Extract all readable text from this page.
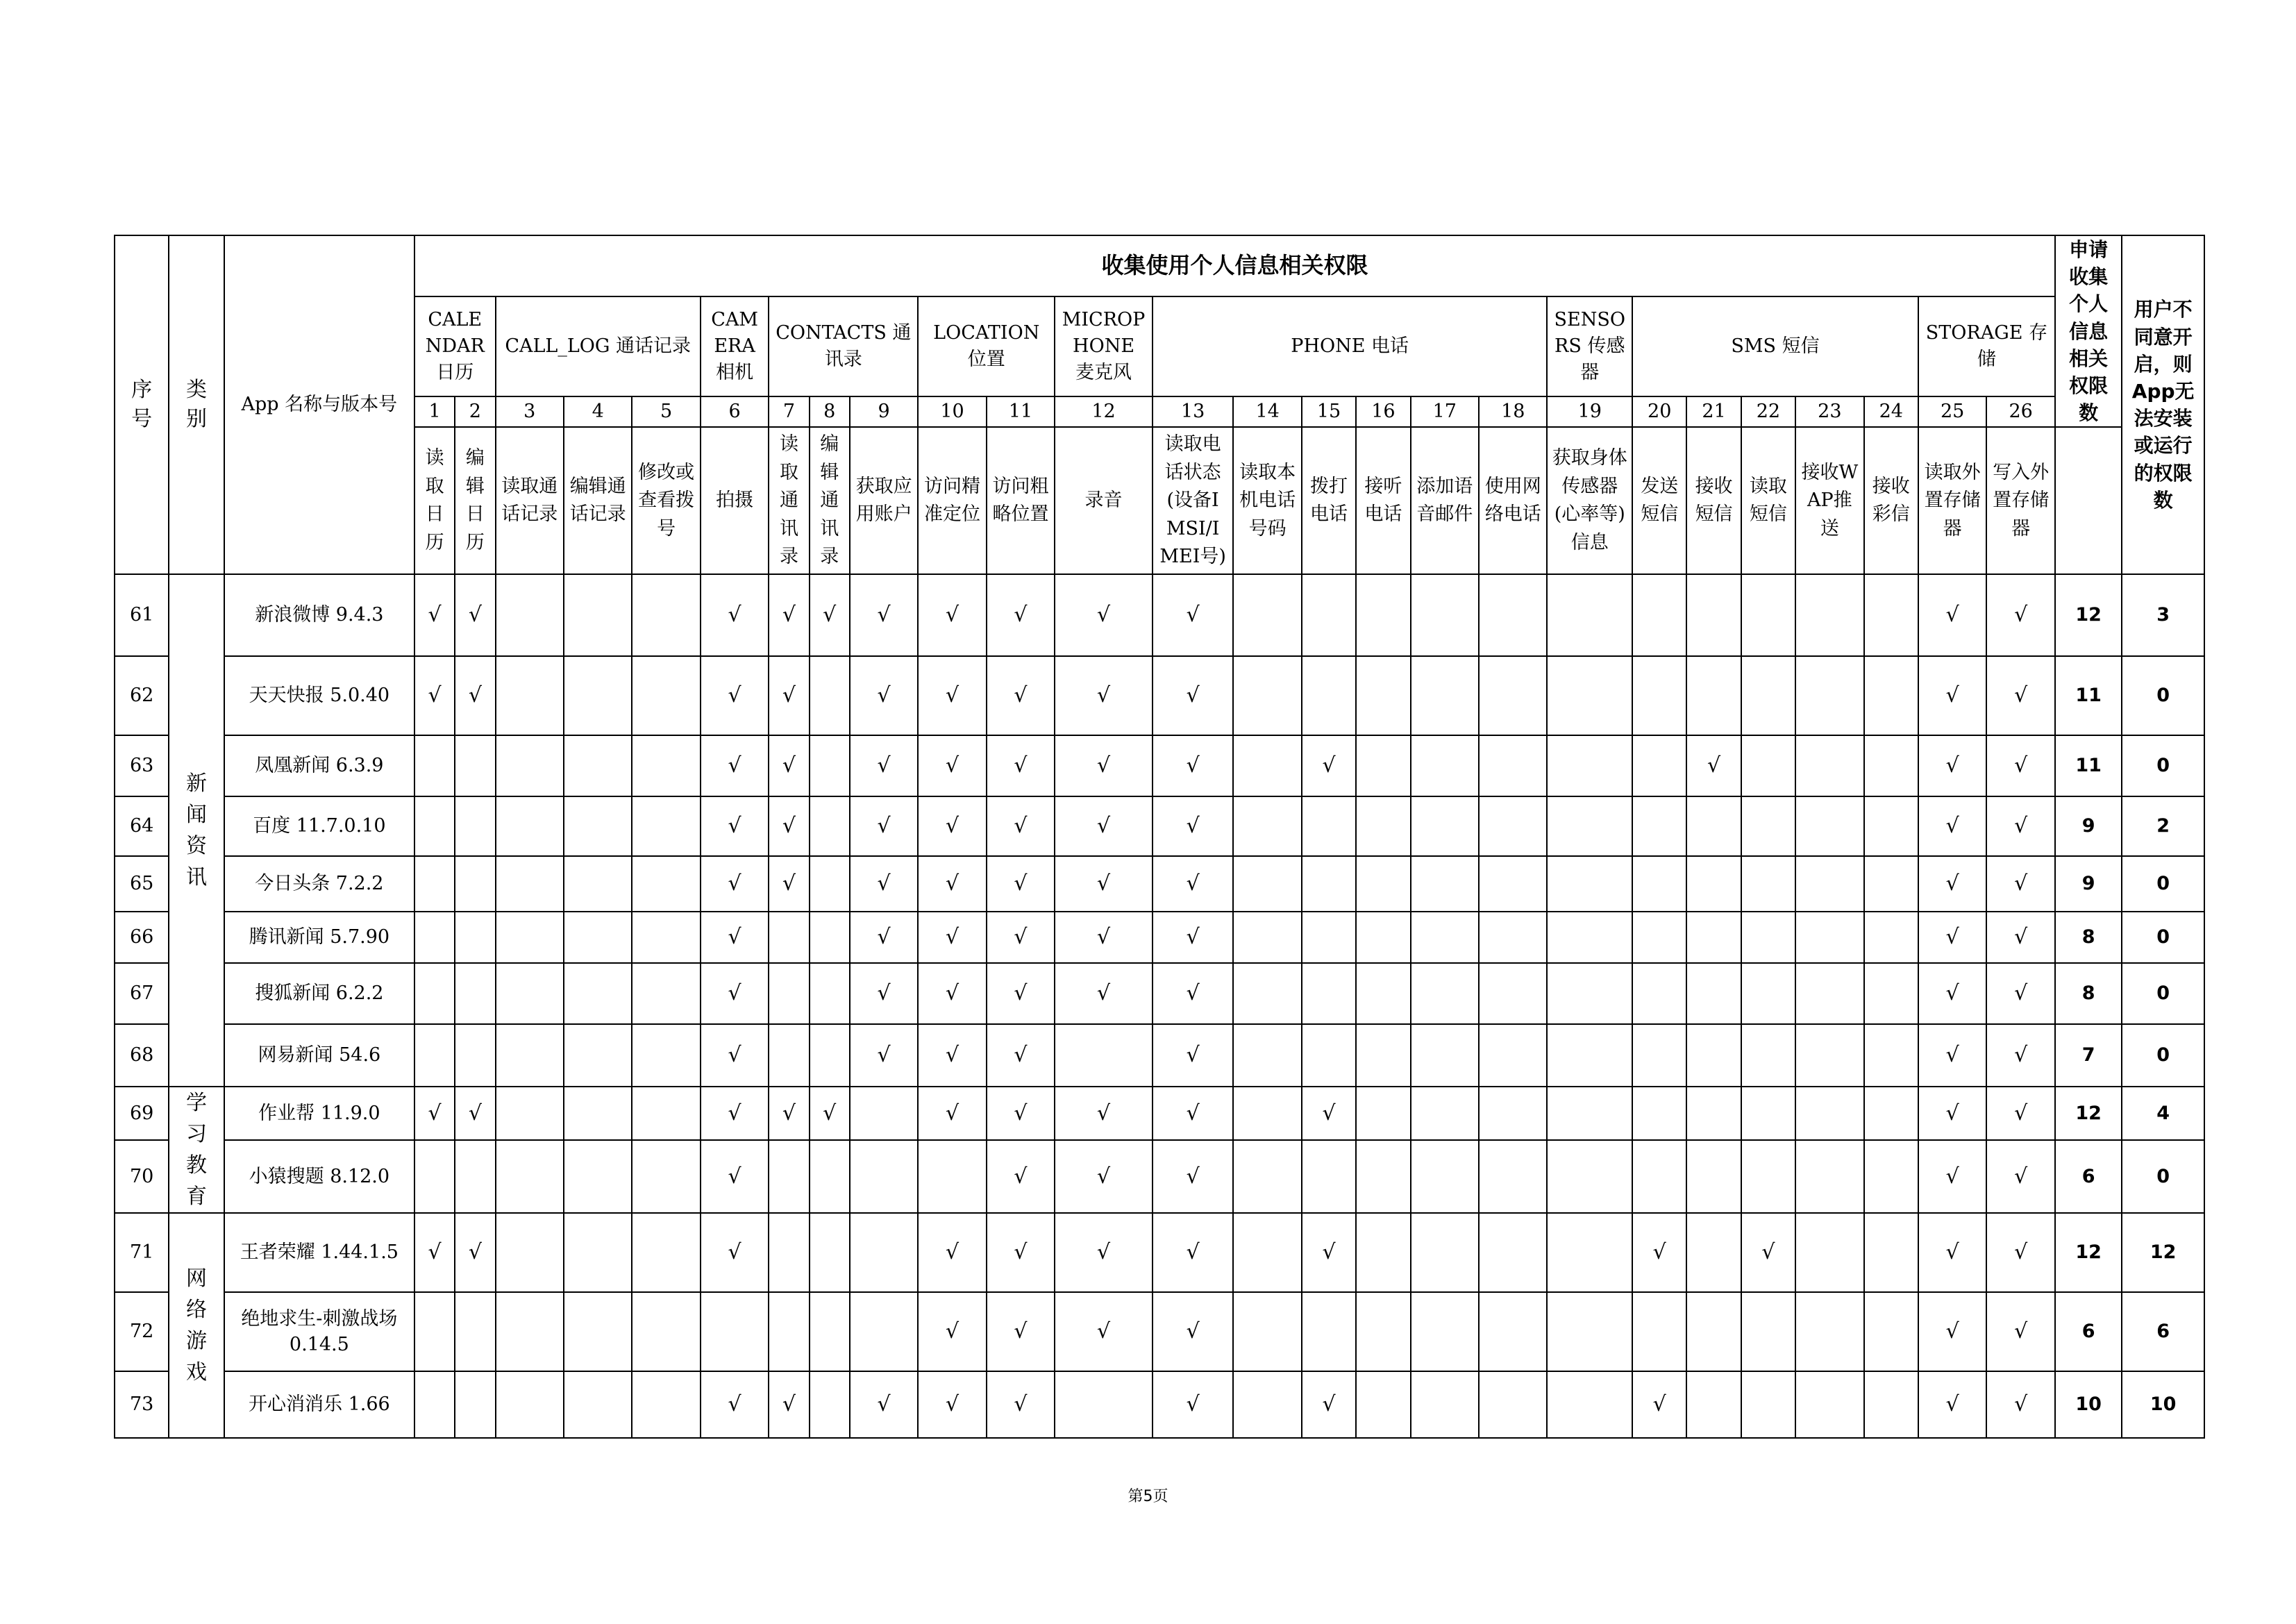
序号	类别	App 名称与版本号	收集使用个人信息相关权限																										申请收集个人信息相关权限数	用户不同意开启，则App无法安装或运行的权限数
			CALENDAR日历		CALL_LOG 通话记录			CAMERA相机	CONTACTS 通讯录			LOCATION 位置		MICROPHONE 麦克风	PHONE 电话						SENSORS 传感器	SMS 短信					STORAGE 存储			
			1	2	3	4	5	6	7	8	9	10	11	12	13	14	15	16	17	18	19	20	21	22	23	24	25	26		
			读取日历	编辑日历	读取通话记录	编辑通话记录	修改或查看拨号	拍摄	读取通讯录	编辑通讯录	获取应用账户	访问精准定位	访问粗略位置	录音	读取电话状态(设备IMSI/IMEI号)	读取本机电话号码	拨打电话	接听电话	添加语音邮件	使用网络电话	获取身体传感器(心率等)信息	发送短信	接收短信	读取短信	接收WAP推送	接收彩信	读取外置存储器	写入外置存储器		
61	新闻资讯	新浪微博 9.4.3	√	√				√	√	√	√	√	√	√	√												√	√	12	3
62		天天快报 5.0.40	√	√				√	√		√	√	√	√	√												√	√	11	0
63		凤凰新闻 6.3.9						√	√		√	√	√	√	√		√						√				√	√	11	0
64		百度 11.7.0.10						√	√		√	√	√	√	√												√	√	9	2
65		今日头条 7.2.2						√	√		√	√	√	√	√												√	√	9	0
66		腾讯新闻 5.7.90						√			√	√	√	√	√												√	√	8	0
67		搜狐新闻 6.2.2						√			√	√	√	√	√												√	√	8	0
68		网易新闻 54.6						√			√	√	√		√												√	√	7	0
69	学习教育	作业帮 11.9.0	√	√				√	√	√		√	√	√	√		√										√	√	12	4
70		小猿搜题 8.12.0						√					√	√	√												√	√	6	0
71	网络游戏	王者荣耀 1.44.1.5	√	√				√				√	√	√	√		√					√		√			√	√	12	12
72		绝地求生-刺激战场 0.14.5										√	√	√	√												√	√	6	6
73		开心消消乐 1.66						√	√		√	√	√		√		√					√					√	√	10	10
第5页
